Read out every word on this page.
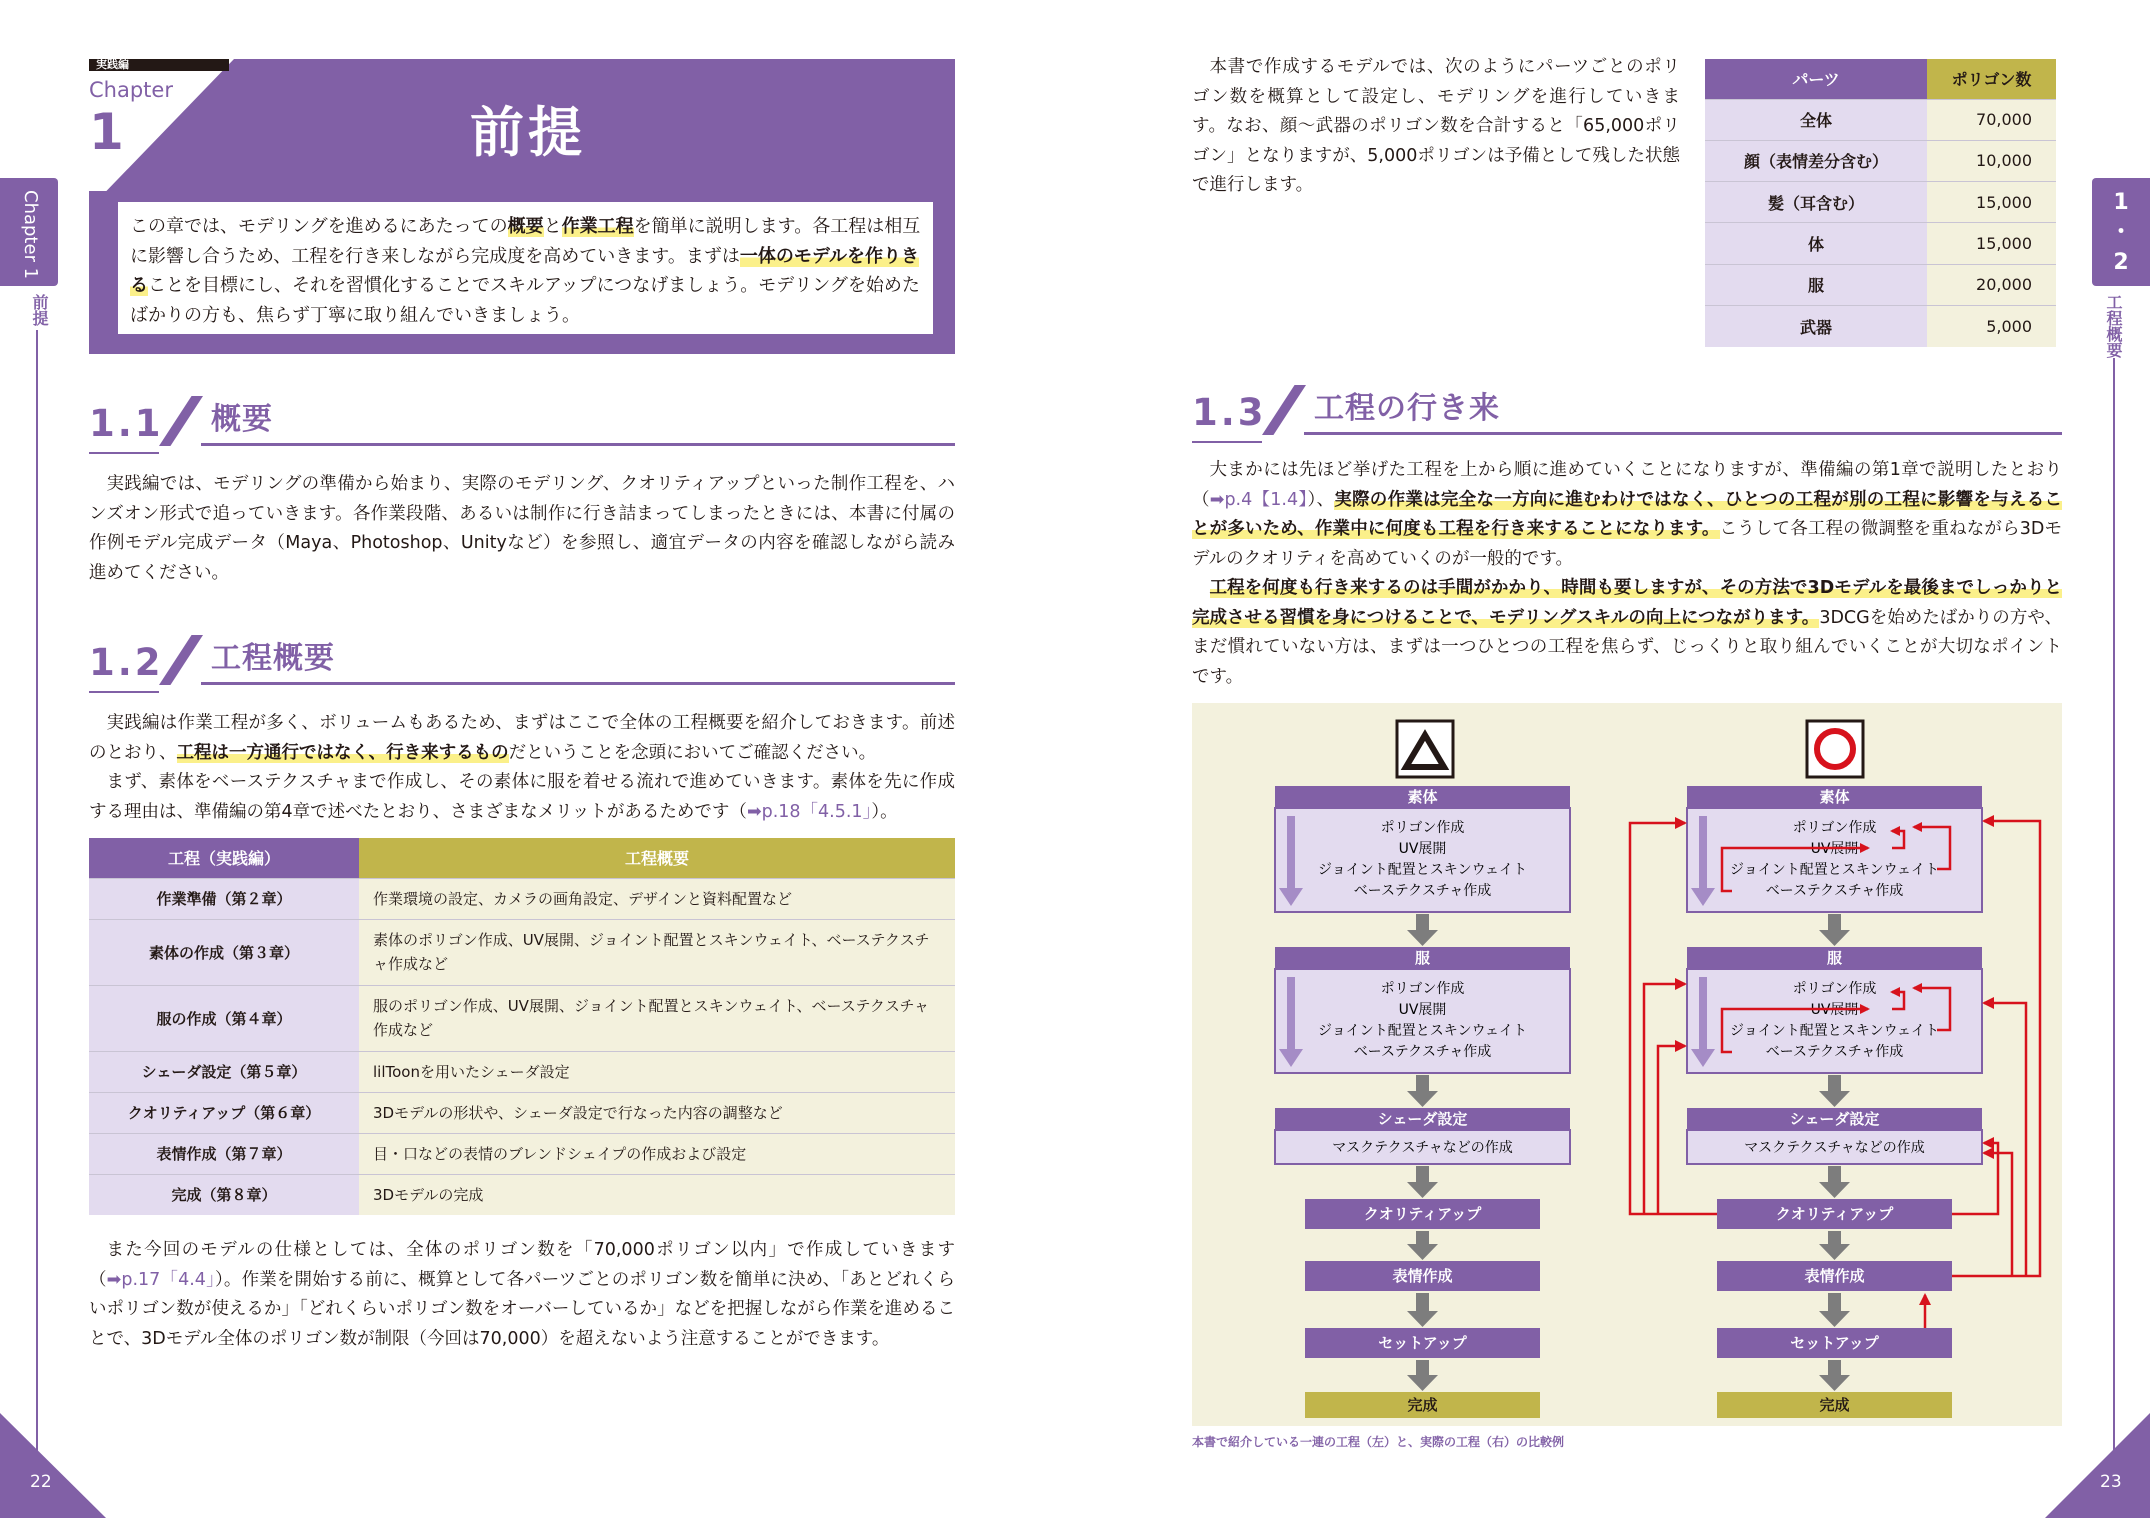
実践編
Chapter
1	前提
この章では、モデリングを進めるにあたっての概要と作業工程を簡単に説明します。各工程は相互に影響し合うため、工程を行き来しながら完成度を高めていきます。まずは一体のモデルを作りきることを目標にし、それを習慣化することでスキルアップにつなげましょう。モデリングを始めたばかりの方も、焦らず丁寧に取り組んでいきましょう。
1.1 概要
実践編では、モデリングの準備から始まり、実際のモデリング、クオリティアップといった制作工程を、ハンズオン形式で追っていきます。各作業段階、あるいは制作に行き詰まってしまったときには、本書に付属の作例モデル完成データ（Maya、Photoshop、Unityなど）を参照し、適宜データの内容を確認しながら読み進めてください。
1.2 工程概要
実践編は作業工程が多く、ボリュームもあるため、まずはここで全体の工程概要を紹介しておきます。前述のとおり、工程は一方通行ではなく、行き来するものだということを念頭においてご確認ください。
まず、素体をベーステクスチャまで作成し、その素体に服を着せる流れで進めていきます。素体を先に作成する理由は、準備編の第4章で述べたとおり、さまざまなメリットがあるためです（➡p.18「4.5.1」）。
工程（実践編）	工程概要
作業準備（第２章）	作業環境の設定、カメラの画角設定、デザインと資料配置など
素体の作成（第３章）	素体のポリゴン作成、UV展開、ジョイント配置とスキンウェイト、ベーステクスチャ作成など
服の作成（第４章）	服のポリゴン作成、UV展開、ジョイント配置とスキンウェイト、ベーステクスチャ作成など
シェーダ設定（第５章）	lilToonを用いたシェーダ設定
クオリティアップ（第６章）	3Dモデルの形状や、シェーダ設定で行なった内容の調整など
表情作成（第７章）	目・口などの表情のブレンドシェイプの作成および設定
完成（第８章）	3Dモデルの完成
また今回のモデルの仕様としては、全体のポリゴン数を「70,000ポリゴン以内」で作成していきます（➡p.17「4.4」）。作業を開始する前に、概算として各パーツごとのポリゴン数を簡単に決め、「あとどれくらいポリゴン数が使えるか」「どれくらいポリゴン数をオーバーしているか」などを把握しながら作業を進めることで、3Dモデル全体のポリゴン数が制限（今回は70,000）を超えないよう注意することができます。
Chapter 1
前提
22
本書で作成するモデルでは、次のようにパーツごとのポリゴン数を概算として設定し、モデリングを進行していきます。なお、顔〜武器のポリゴン数を合計すると「65,000ポリゴン」となりますが、5,000ポリゴンは予備として残した状態で進行します。
パーツ	ポリゴン数
全体	70,000
顔（表情差分含む）	10,000
髪（耳含む）	15,000
体	15,000
服	20,000
武器	5,000
1.3 工程の行き来
大まかには先ほど挙げた工程を上から順に進めていくことになりますが、準備編の第1章で説明したとおり（➡p.4【1.4】）、実際の作業は完全な一方向に進むわけではなく、ひとつの工程が別の工程に影響を与えることが多いため、作業中に何度も工程を行き来することになります。こうして各工程の微調整を重ねながら3Dモデルのクオリティを高めていくのが一般的です。
工程を何度も行き来するのは手間がかかり、時間も要しますが、その方法で3Dモデルを最後までしっかりと完成させる習慣を身につけることで、モデリングスキルの向上につながります。3DCGを始めたばかりの方や、まだ慣れていない方は、まずは一つひとつの工程を焦らず、じっくりと取り組んでいくことが大切なポイントです。
素体
ポリゴン作成
UV展開
ジョイント配置とスキンウェイト
ベーステクスチャ作成
服
ポリゴン作成
UV展開
ジョイント配置とスキンウェイト
ベーステクスチャ作成
シェーダ設定
マスクテクスチャなどの作成
クオリティアップ
表情作成
セットアップ
完成
素体
ポリゴン作成
UV展開
ジョイント配置とスキンウェイト
ベーステクスチャ作成
服
ポリゴン作成
UV展開
ジョイント配置とスキンウェイト
ベーステクスチャ作成
シェーダ設定
マスクテクスチャなどの作成
クオリティアップ
表情作成
セットアップ
完成
本書で紹介している一連の工程（左）と、実際の工程（右）の比較例
1
・
2
工程概要
23
